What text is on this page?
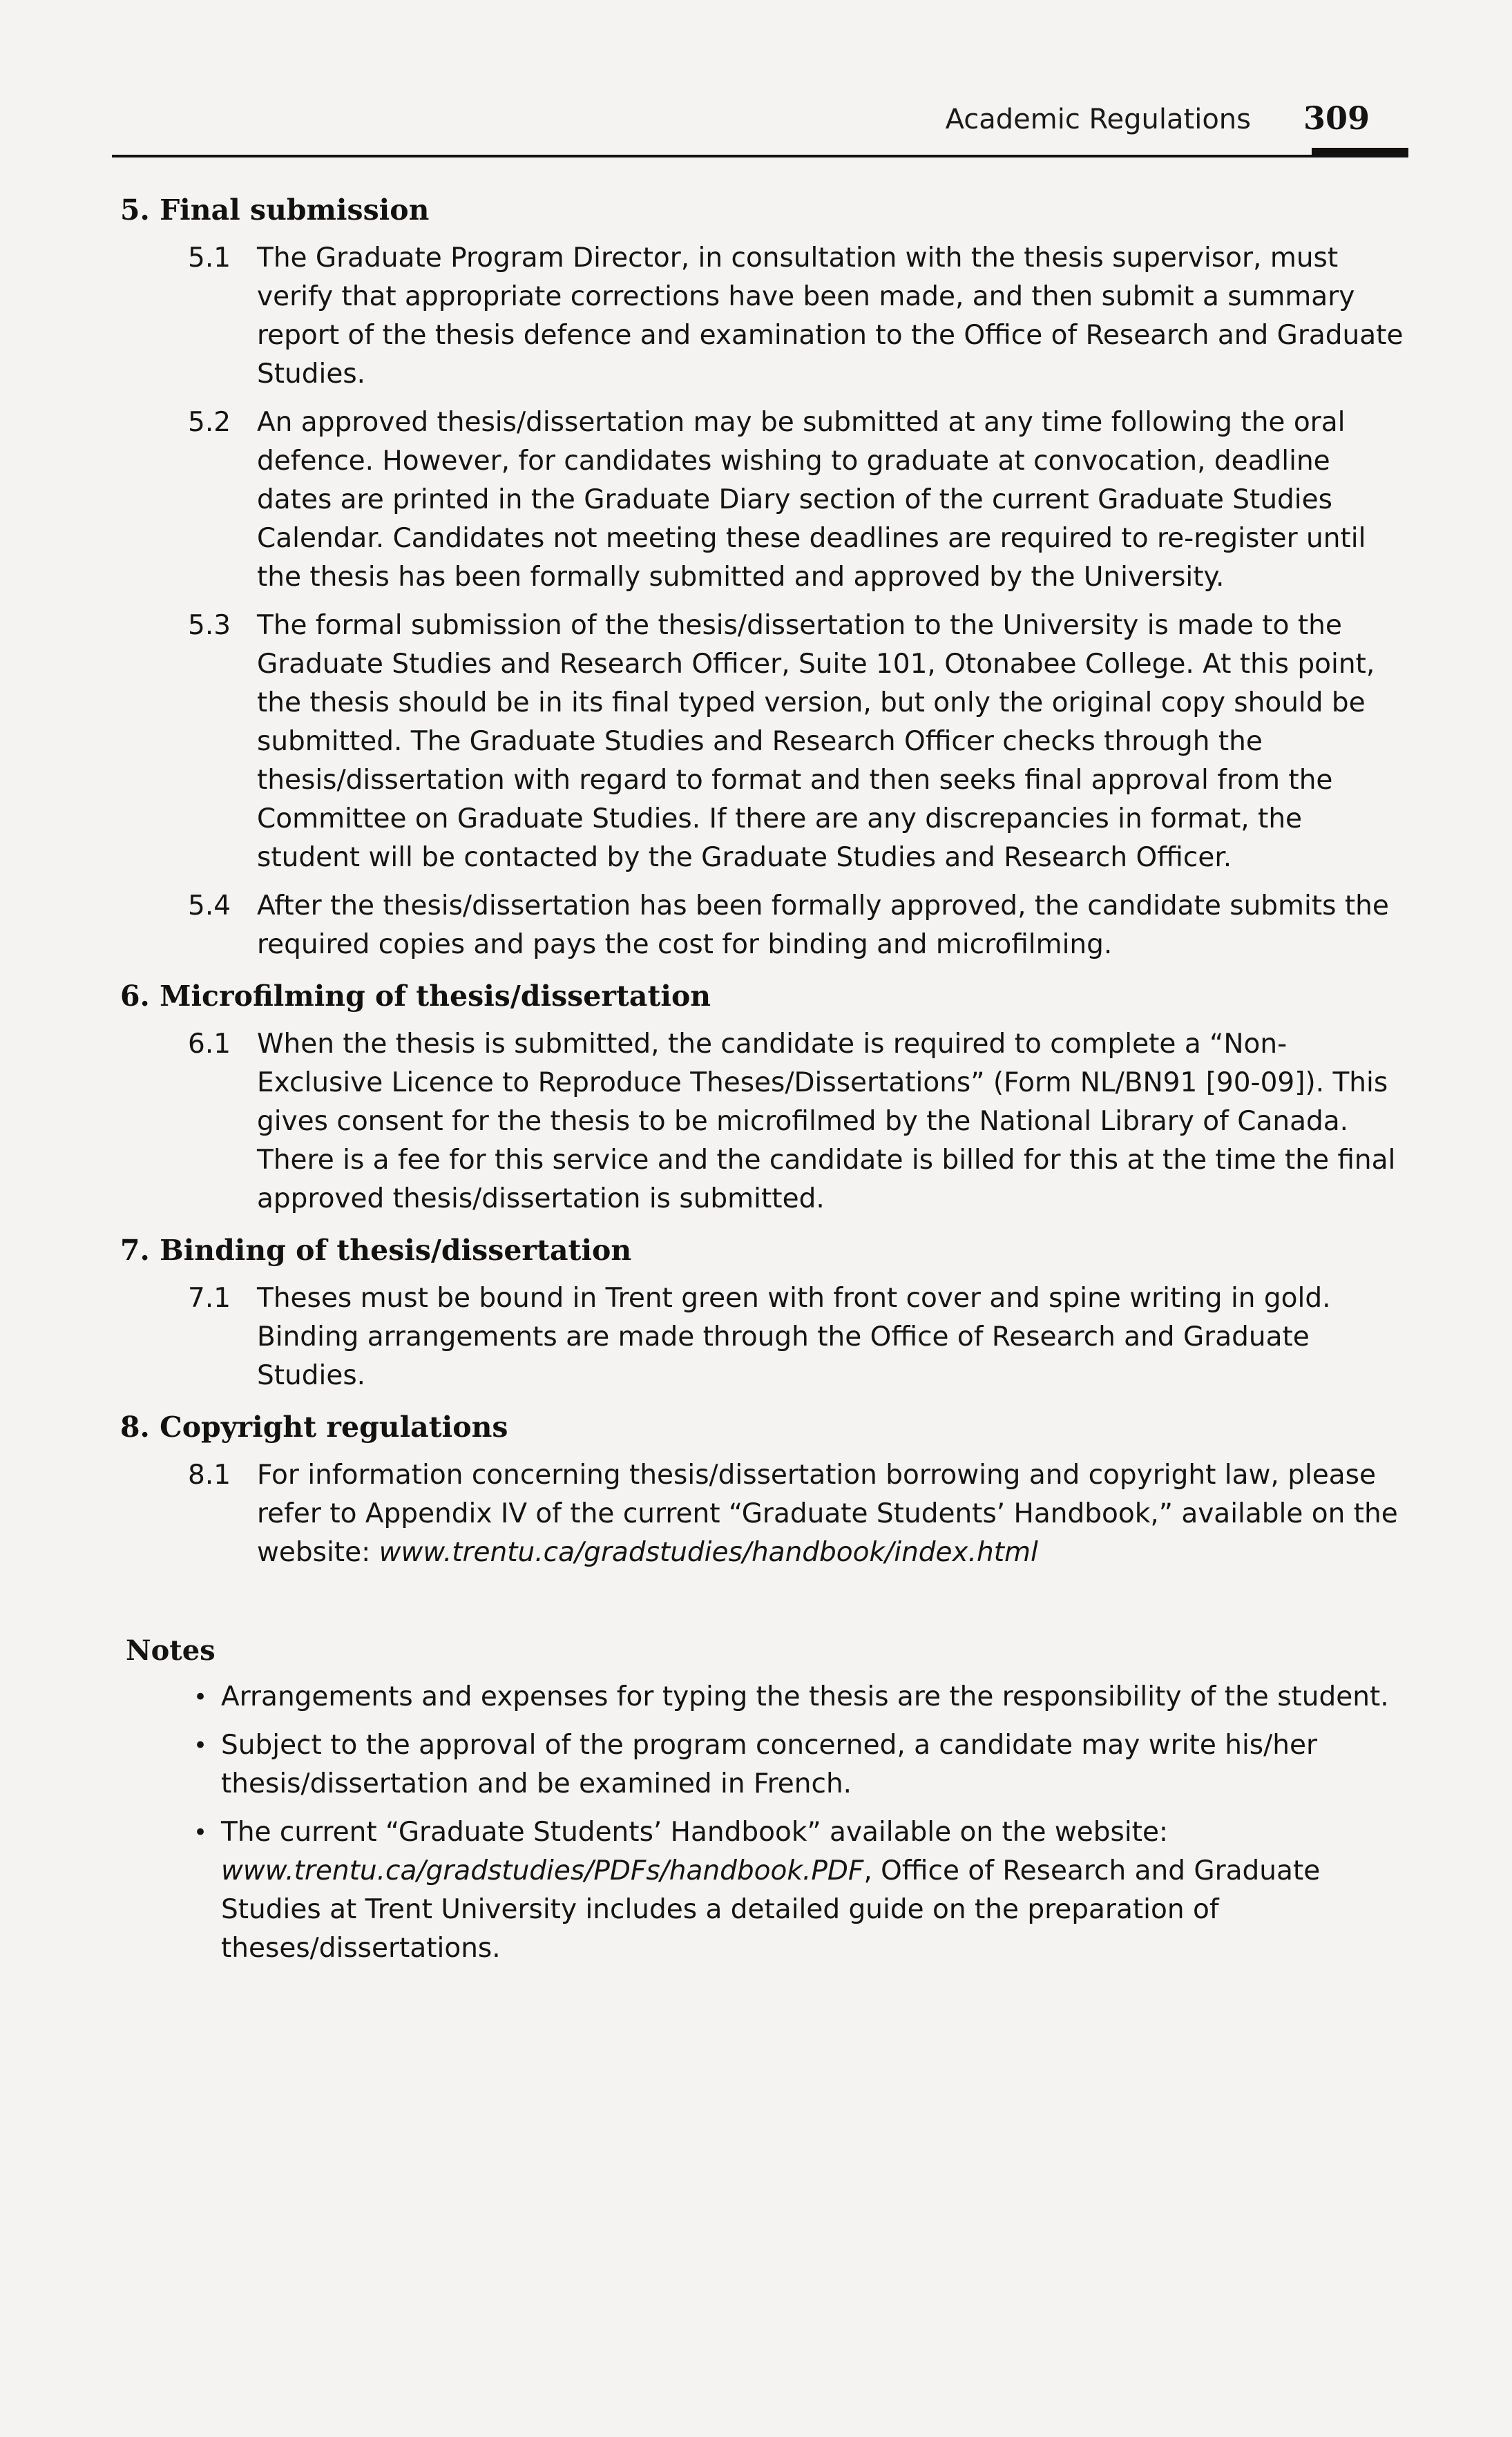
Academic Regulations 309
5. Final submission
5.1 The Graduate Program Director, in consultation with the thesis supervisor, must verify that appropriate corrections have been made, and then submit a summary report of the thesis defence and examination to the Office of Research and Graduate Studies.
5.2 An approved thesis/dissertation may be submitted at any time following the oral defence. However, for candidates wishing to graduate at convocation, deadline dates are printed in the Graduate Diary section of the current Graduate Studies Calendar. Candidates not meeting these deadlines are required to re-register until the thesis has been formally submitted and approved by the University.
5.3 The formal submission of the thesis/dissertation to the University is made to the Graduate Studies and Research Officer, Suite 101, Otonabee College. At this point, the thesis should be in its final typed version, but only the original copy should be submitted. The Graduate Studies and Research Officer checks through the thesis/dissertation with regard to format and then seeks final approval from the Committee on Graduate Studies. If there are any discrepancies in format, the student will be contacted by the Graduate Studies and Research Officer.
5.4 After the thesis/dissertation has been formally approved, the candidate submits the required copies and pays the cost for binding and microfilming.
6. Microfilming of thesis/dissertation
6.1 When the thesis is submitted, the candidate is required to complete a “Non-Exclusive Licence to Reproduce Theses/Dissertations” (Form NL/BN91 [90-09]). This gives consent for the thesis to be microfilmed by the National Library of Canada. There is a fee for this service and the candidate is billed for this at the time the final approved thesis/dissertation is submitted.
7. Binding of thesis/dissertation
7.1 Theses must be bound in Trent green with front cover and spine writing in gold. Binding arrangements are made through the Office of Research and Graduate Studies.
8. Copyright regulations
8.1 For information concerning thesis/dissertation borrowing and copyright law, please refer to Appendix IV of the current “Graduate Students’ Handbook,” available on the website: www.trentu.ca/gradstudies/handbook/index.html
Notes
• Arrangements and expenses for typing the thesis are the responsibility of the student.
• Subject to the approval of the program concerned, a candidate may write his/her thesis/dissertation and be examined in French.
• The current “Graduate Students’ Handbook” available on the website: www.trentu.ca/gradstudies/PDFs/handbook.PDF, Office of Research and Graduate Studies at Trent University includes a detailed guide on the preparation of theses/dissertations.
